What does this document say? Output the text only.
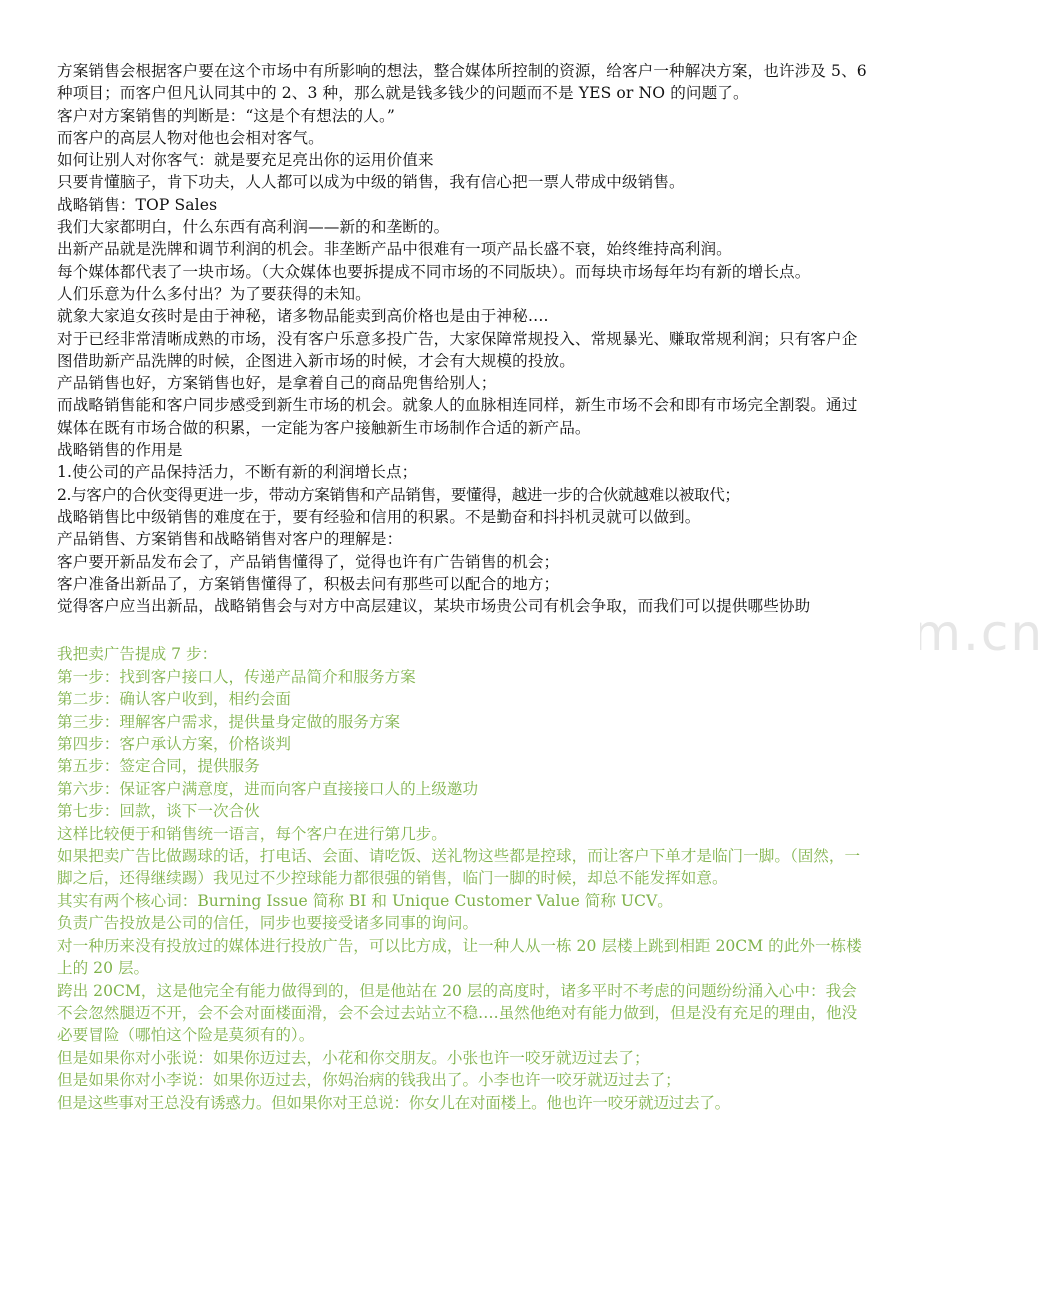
www.zixin.com.cn

方案销售会根据客户要在这个市场中有所影响的想法，整合媒体所控制的资源，给客户一种解决方案，也许涉及 5、6 种项目；而客户但凡认同其中的 2、3 种，那么就是钱多钱少的问题而不是 YES or NO 的问题了。

客户对方案销售的判断是：“这是个有想法的人。”

而客户的高层人物对他也会相对客气。

如何让别人对你客气：就是要充足亮出你的运用价值来

只要肯懂脑子，肯下功夫，人人都可以成为中级的销售，我有信心把一票人带成中级销售。

战略销售：TOP Sales

我们大家都明白，什么东西有高利润——新的和垄断的。

出新产品就是洗牌和调节利润的机会。非垄断产品中很难有一项产品长盛不衰，始终维持高利润。

每个媒体都代表了一块市场。（大众媒体也要拆提成不同市场的不同版块）。而每块市场每年均有新的增长点。

人们乐意为什么多付出？为了要获得的未知。

就象大家追女孩时是由于神秘，诸多物品能卖到高价格也是由于神秘….

对于已经非常清晰成熟的市场，没有客户乐意多投广告，大家保障常规投入、常规暴光、赚取常规利润；只有客户企图借助新产品洗牌的时候，企图进入新市场的时候，才会有大规模的投放。

产品销售也好，方案销售也好，是拿着自己的商品兜售给别人；

而战略销售能和客户同步感受到新生市场的机会。就象人的血脉相连同样，新生市场不会和即有市场完全割裂。通过媒体在既有市场合做的积累，一定能为客户接触新生市场制作合适的新产品。

战略销售的作用是

1.使公司的产品保持活力，不断有新的利润增长点；

2.与客户的合伙变得更进一步，带动方案销售和产品销售，要懂得，越进一步的合伙就越难以被取代；

战略销售比中级销售的难度在于，要有经验和信用的积累。不是勤奋和抖抖机灵就可以做到。

产品销售、方案销售和战略销售对客户的理解是：

客户要开新品发布会了，产品销售懂得了，觉得也许有广告销售的机会；

客户准备出新品了，方案销售懂得了，积极去问有那些可以配合的地方；

觉得客户应当出新品，战略销售会与对方中高层建议，某块市场贵公司有机会争取，而我们可以提供哪些协助

我把卖广告提成 7 步：

第一步：找到客户接口人，传递产品简介和服务方案

第二步：确认客户收到，相约会面

第三步：理解客户需求，提供量身定做的服务方案

第四步：客户承认方案，价格谈判

第五步：签定合同，提供服务

第六步：保证客户满意度，进而向客户直接接口人的上级邀功

第七步：回款，谈下一次合伙

这样比较便于和销售统一语言，每个客户在进行第几步。

如果把卖广告比做踢球的话，打电话、会面、请吃饭、送礼物这些都是控球，而让客户下单才是临门一脚。（固然，一脚之后，还得继续踢）我见过不少控球能力都很强的销售，临门一脚的时候，却总不能发挥如意。

其实有两个核心词：Burning Issue 简称 BI 和 Unique Customer Value 简称 UCV。

负责广告投放是公司的信任，同步也要接受诸多同事的询问。

对一种历来没有投放过的媒体进行投放广告，可以比方成，让一种人从一栋 20 层楼上跳到相距 20CM 的此外一栋楼上的 20 层。

跨出 20CM，这是他完全有能力做得到的，但是他站在 20 层的高度时，诸多平时不考虑的问题纷纷涌入心中：我会不会忽然腿迈不开，会不会对面楼面滑，会不会过去站立不稳….虽然他绝对有能力做到，但是没有充足的理由，他没必要冒险（哪怕这个险是莫须有的）。

但是如果你对小张说：如果你迈过去，小花和你交朋友。小张也许一咬牙就迈过去了；

但是如果你对小李说：如果你迈过去，你妈治病的钱我出了。小李也许一咬牙就迈过去了；

但是这些事对王总没有诱惑力。但如果你对王总说：你女儿在对面楼上。他也许一咬牙就迈过去了。
